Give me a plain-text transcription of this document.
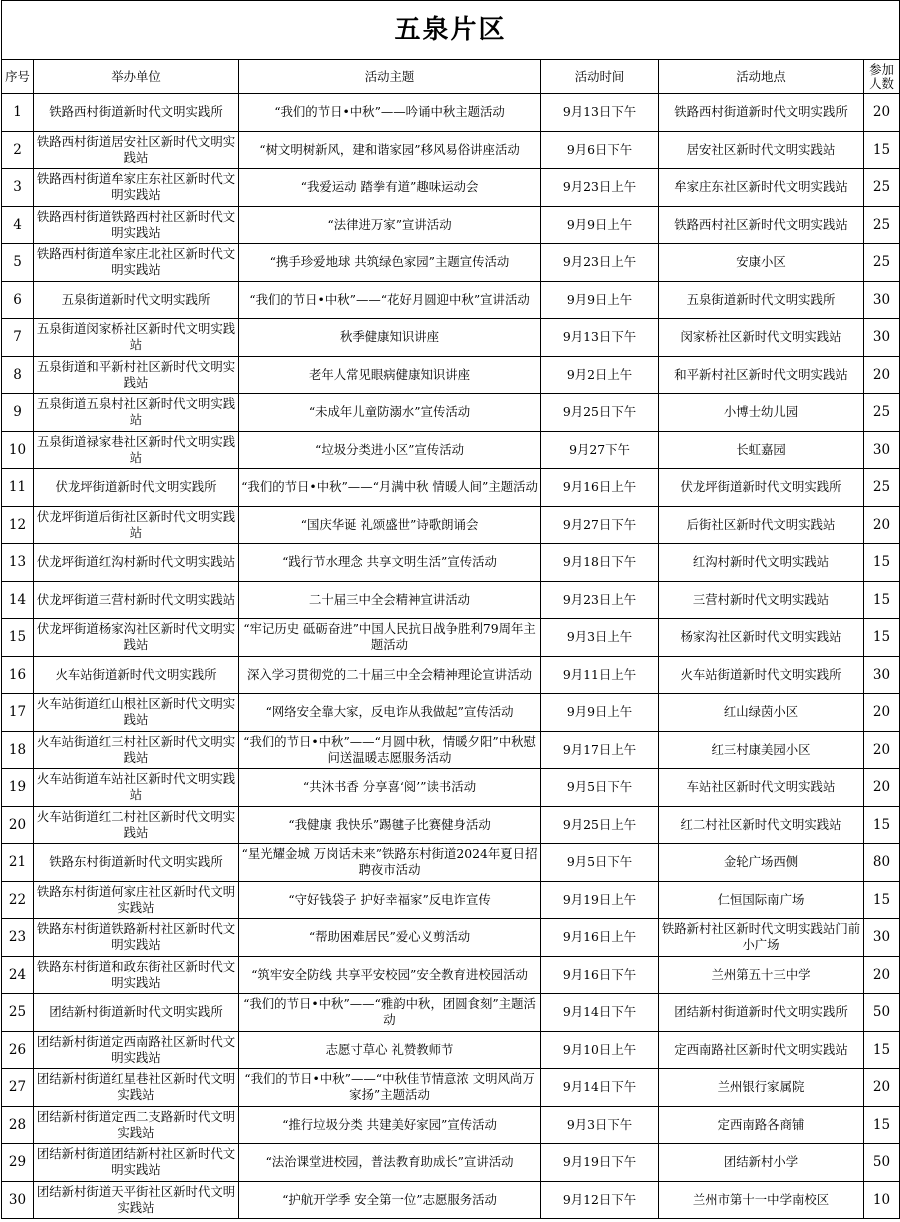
五泉片区					
序号	举办单位	活动主题	活动时间	活动地点	参加人数
1	铁路西村街道新时代文明实践所	“我们的节日•中秋”——吟诵中秋主题活动	9月13日下午	铁路西村街道新时代文明实践所	20
2	铁路西村街道居安社区新时代文明实践站	“树文明树新风，建和谐家园”移风易俗讲座活动	9月6日下午	居安社区新时代文明实践站	15
3	铁路西村街道牟家庄东社区新时代文明实践站	“我爱运动 踏拳有道”趣味运动会	9月23日上午	牟家庄东社区新时代文明实践站	25
4	铁路西村街道铁路西村社区新时代文明实践站	“法律进万家”宣讲活动	9月9日上午	铁路西村社区新时代文明实践站	25
5	铁路西村街道牟家庄北社区新时代文明实践站	“携手珍爱地球 共筑绿色家园”主题宣传活动	9月23日上午	安康小区	25
6	五泉街道新时代文明实践所	“我们的节日•中秋”——“花好月圆迎中秋”宣讲活动	9月9日上午	五泉街道新时代文明实践所	30
7	五泉街道闵家桥社区新时代文明实践站	秋季健康知识讲座	9月13日下午	闵家桥社区新时代文明实践站	30
8	五泉街道和平新村社区新时代文明实践站	老年人常见眼病健康知识讲座	9月2日上午	和平新村社区新时代文明实践站	20
9	五泉街道五泉村社区新时代文明实践站	“未成年儿童防溺水”宣传活动	9月25日下午	小博士幼儿园	25
10	五泉街道禄家巷社区新时代文明实践站	“垃圾分类进小区”宣传活动	9月27下午	长虹嘉园	30
11	伏龙坪街道新时代文明实践所	“我们的节日•中秋”——“月满中秋 情暖人间”主题活动	9月16日上午	伏龙坪街道新时代文明实践所	25
12	伏龙坪街道后街社区新时代文明实践站	“国庆华诞 礼颂盛世”诗歌朗诵会	9月27日下午	后街社区新时代文明实践站	20
13	伏龙坪街道红沟村新时代文明实践站	“践行节水理念 共享文明生活”宣传活动	9月18日下午	红沟村新时代文明实践站	15
14	伏龙坪街道三营村新时代文明实践站	二十届三中全会精神宣讲活动	9月23日上午	三营村新时代文明实践站	15
15	伏龙坪街道杨家沟社区新时代文明实践站	“牢记历史 砥砺奋进”中国人民抗日战争胜利79周年主题活动	9月3日上午	杨家沟社区新时代文明实践站	15
16	火车站街道新时代文明实践所	深入学习贯彻党的二十届三中全会精神理论宣讲活动	9月11日上午	火车站街道新时代文明实践所	30
17	火车站街道红山根社区新时代文明实践站	“网络安全靠大家，反电诈从我做起”宣传活动	9月9日上午	红山绿茵小区	20
18	火车站街道红三村社区新时代文明实践站	“我们的节日•中秋”——“月圆中秋，情暖夕阳”中秋慰问送温暖志愿服务活动	9月17日上午	红三村康美园小区	20
19	火车站街道车站社区新时代文明实践站	“共沐书香 分享喜‘阅’”读书活动	9月5日下午	车站社区新时代文明实践站	20
20	火车站街道红二村社区新时代文明实践站	“我健康 我快乐”踢毽子比赛健身活动	9月25日上午	红二村社区新时代文明实践站	15
21	铁路东村街道新时代文明实践所	“星光耀金城 万岗话未来”铁路东村街道2024年夏日招聘夜市活动	9月5日下午	金轮广场西侧	80
22	铁路东村街道何家庄社区新时代文明实践站	“守好钱袋子 护好幸福家”反电诈宣传	9月19日上午	仁恒国际南广场	15
23	铁路东村街道铁路新村社区新时代文明实践站	“帮助困难居民”爱心义剪活动	9月16日上午	铁路新村社区新时代文明实践站门前小广场	30
24	铁路东村街道和政东街社区新时代文明实践站	“筑牢安全防线 共享平安校园”安全教育进校园活动	9月16日下午	兰州第五十三中学	20
25	团结新村街道新时代文明实践所	“我们的节日•中秋”——“雅韵中秋，团圆食刻”主题活动	9月14日下午	团结新村街道新时代文明实践所	50
26	团结新村街道定西南路社区新时代文明实践站	志愿寸草心 礼赞教师节	9月10日上午	定西南路社区新时代文明实践站	15
27	团结新村街道红星巷社区新时代文明实践站	“我们的节日•中秋”——“中秋佳节情意浓 文明风尚万家扬”主题活动	9月14日下午	兰州银行家属院	20
28	团结新村街道定西二支路新时代文明实践站	“推行垃圾分类 共建美好家园”宣传活动	9月3日下午	定西南路各商铺	15
29	团结新村街道团结新村社区新时代文明实践站	“法治课堂进校园，普法教育助成长”宣讲活动	9月19日下午	团结新村小学	50
30	团结新村街道天平街社区新时代文明实践站	“护航开学季 安全第一位”志愿服务活动	9月12日下午	兰州市第十一中学南校区	10
